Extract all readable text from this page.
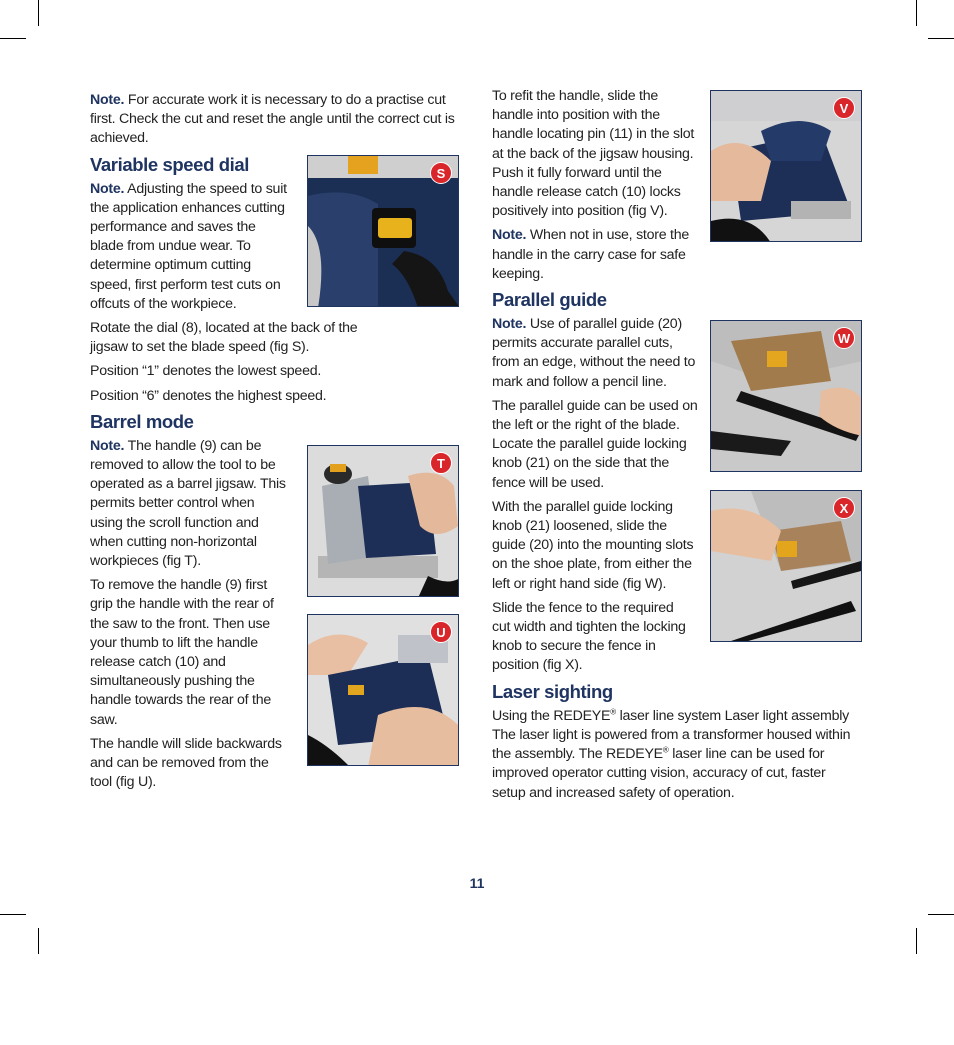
Note. For accurate work it is necessary to do a practise cut first. Check the cut and reset the angle until the correct cut is achieved.

Variable speed dial

Note. Adjusting the speed to suit the application enhances cutting performance and saves the blade from undue wear. To determine optimum cutting speed, first perform test cuts on offcuts of the workpiece.

Rotate the dial (8), located at the back of the jigsaw to set the blade speed (fig S).

Position “1” denotes the lowest speed.

Position “6” denotes the highest speed.

Barrel mode

Note. The handle (9) can be removed to allow the tool to be operated as a barrel jigsaw. This permits better control when using the scroll function and when cutting non-horizontal workpieces (fig T).

To remove the handle (9) first grip the handle with the rear of the saw to the front. Then use your thumb to lift the handle release catch (10) and simultaneously pushing the handle towards the rear of the saw.

The handle will slide backwards and can be removed from the tool (fig U).

To refit the handle, slide the handle into position with the handle locating pin (11) in the slot at the back of the jigsaw housing. Push it fully forward until the handle release catch (10) locks positively into position (fig V).

Note. When not in use, store the handle in the carry case for safe keeping.

Parallel guide

Note. Use of parallel guide (20) permits accurate parallel cuts, from an edge, without the need to mark and follow a pencil line.

The parallel guide can be used on the left or the right of the blade. Locate the parallel guide locking knob (21) on the side that the fence will be used.

With the parallel guide locking knob (21) loosened, slide the guide (20) into the mounting slots on the shoe plate, from either the left or right hand side (fig W).

Slide the fence to the required cut width and tighten the locking knob to secure the fence in position (fig X).

Laser sighting

Using the REDEYE® laser line system Laser light assembly The laser light is powered from a transformer housed within the assembly. The REDEYE® laser line can be used for improved operator cutting vision, accuracy of cut, faster setup and increased safety of operation.

S
T
U
V
W
X
11
